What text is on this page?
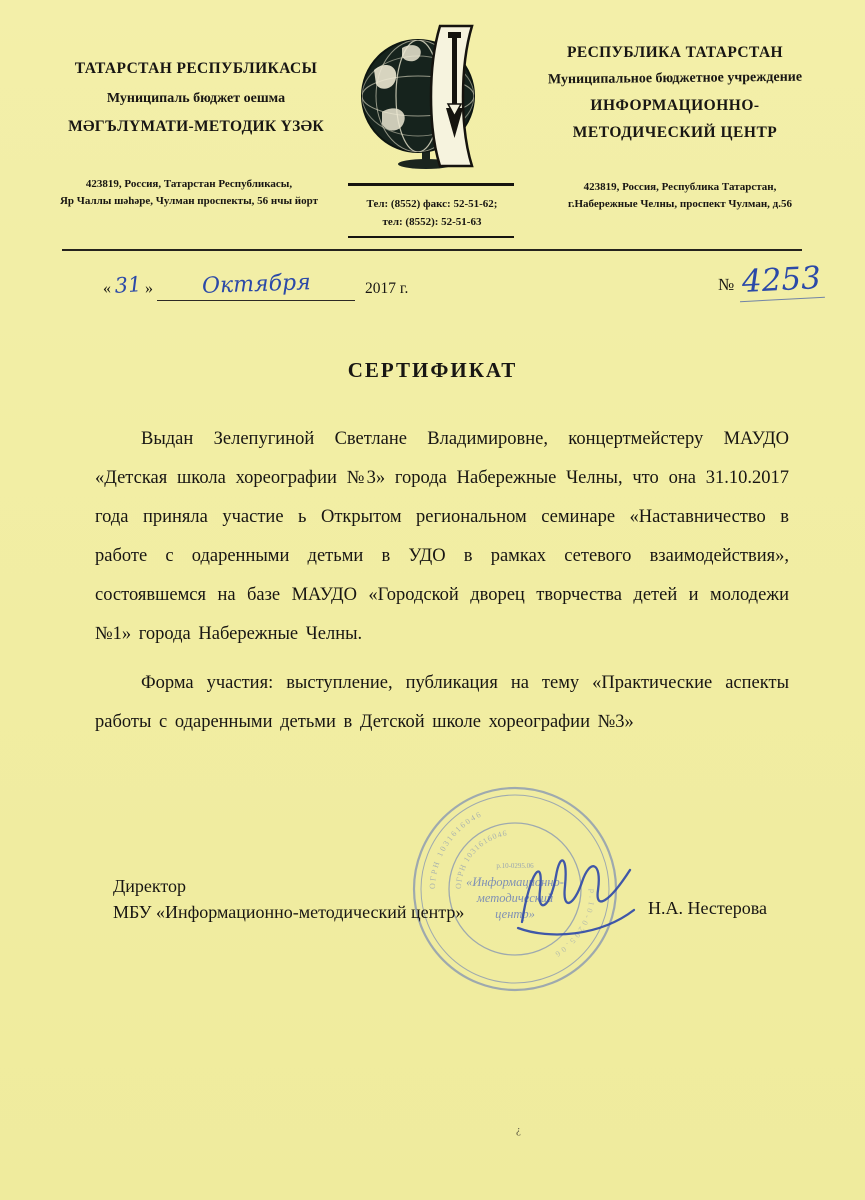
ТАТАРСТАН РЕСПУБЛИКАСЫ
Муниципаль бюджет оешма
МӘГЪЛҮМАТИ-МЕТОДИК ҮЗӘК
423819, Россия, Татарстан Республикасы,
Яр Чаллы шәһәре, Чулман проспекты, 56 нчы йорт	Тел: (8552) факс: 52-51-62;
тел: (8552): 52-51-63
РЕСПУБЛИКА ТАТАРСТАН
Муниципальное бюджетное учреждение
ИНФОРМАЦИОННО-
МЕТОДИЧЕСКИЙ ЦЕНТР
423819, Россия, Республика Татарстан,
г.Набережные Челны, проспект Чулман, д.56
« 31 » Октября	2017 г.	№ 4253
СЕРТИФИКАТ

Выдан Зелепугиной Светлане Владимировне, концертмейстеру МАУДО «Детская школа хореографии №3» города Набережные Челны, что она 31.10.2017 года приняла участие ь Открытом региональном семинаре «Наставничество в работе с одаренными детьми в УДО в рамках сетевого взаимодействия», состоявшемся на базе МАУДО «Городской дворец творчества детей и молодежи №1» города Набережные Челны.

Форма участия: выступление, публикация на тему «Практические аспекты работы с одаренными детьми в Детской школе хореографии №3»

ОГРН 1031616046
ОГРН 1031616046
р.10-0295.06
«Информационно-
методический
центр»
р.10-0295.06
Директор
МБУ «Информационно-методический центр»	Н.А. Нестерова
¿
